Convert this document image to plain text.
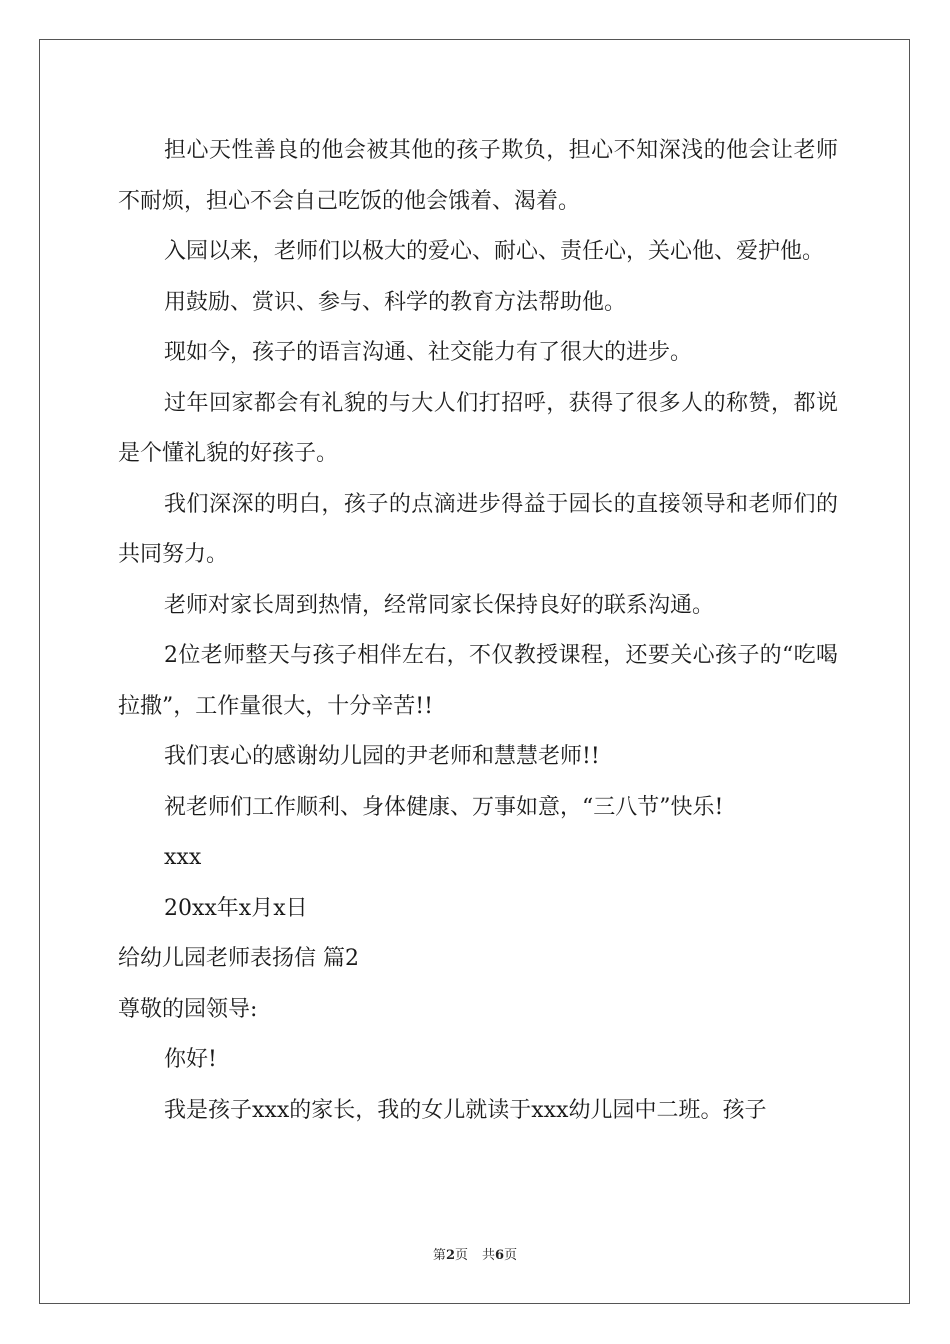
担心天性善良的他会被其他的孩子欺负，担心不知深浅的他会让老师不耐烦，担心不会自己吃饭的他会饿着、渴着。

入园以来，老师们以极大的爱心、耐心、责任心，关心他、爱护他。

用鼓励、赏识、参与、科学的教育方法帮助他。

现如今，孩子的语言沟通、社交能力有了很大的进步。

过年回家都会有礼貌的与大人们打招呼，获得了很多人的称赞，都说是个懂礼貌的好孩子。

我们深深的明白，孩子的点滴进步得益于园长的直接领导和老师们的共同努力。

老师对家长周到热情，经常同家长保持良好的联系沟通。

2位老师整天与孩子相伴左右，不仅教授课程，还要关心孩子的“吃喝拉撒”，工作量很大，十分辛苦!!

我们衷心的感谢幼儿园的尹老师和慧慧老师!!

祝老师们工作顺利、身体健康、万事如意，“三八节”快乐!

xxx

20xx年x月x日

给幼儿园老师表扬信 篇2

尊敬的园领导:

你好!

我是孩子xxx的家长，我的女儿就读于xxx幼儿园中二班。孩子

第2页 共6页
